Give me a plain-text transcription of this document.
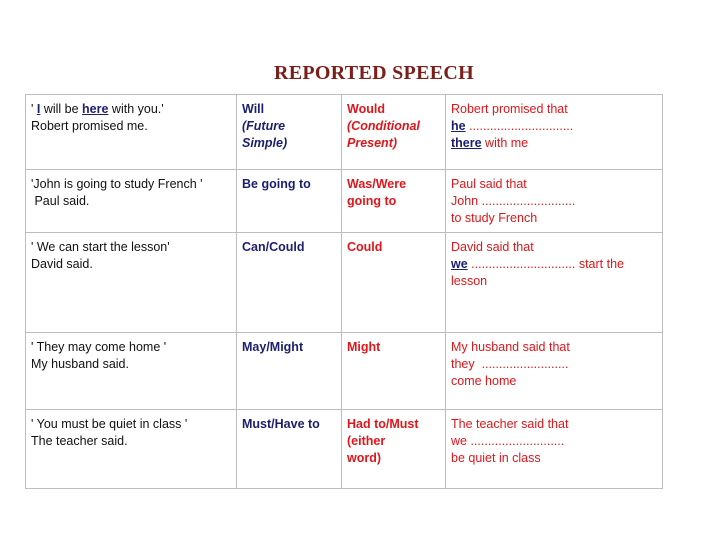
REPORTED SPEECH
' I will be here with you.'
Robert promised me.	Will
(Future
Simple)	Would
(Conditional
Present)	Robert promised that
he ..............................
there with me

'John is going to study French '
Paul said.	Be going to	Was/Were
going to	Paul said that
John ...........................
to study French

' We can start the lesson'
David said.	Can/Could	Could	David said that
we .............................. start the lesson

' They may come home '
My husband said.	May/Might	Might	My husband said that
they  .........................
come home

' You must be quiet in class '
The teacher said.	Must/Have to	Had to/Must
(either
word)	The teacher said that
we ...........................
be quiet in class
